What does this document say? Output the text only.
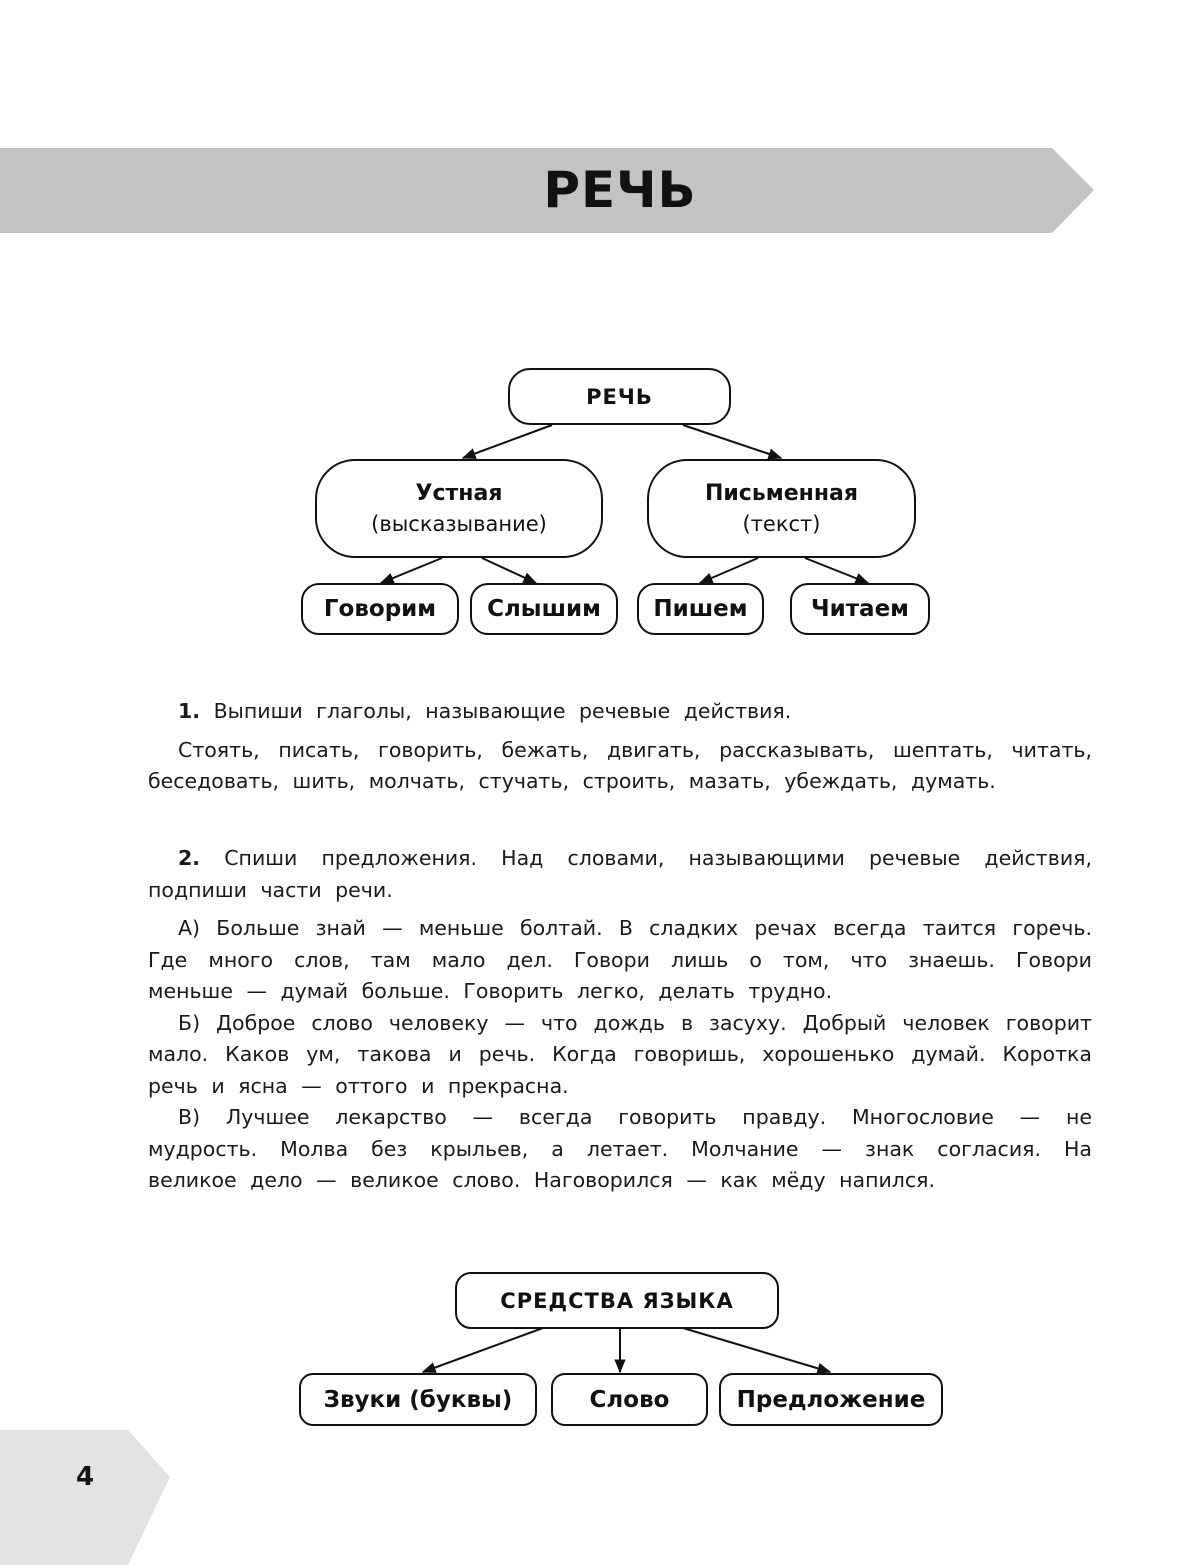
РЕЧЬ
РЕЧЬ
Устная
(высказывание)
Письменная
(текст)
Говорим Слышим Пишем	Читаем

1. Выпиши глаголы, называющие речевые действия.

Стоять, писать, говорить, бежать, двигать, рассказывать, шептать, читать, беседовать, шить, молчать, стучать, строить, мазать, убеждать, думать.

2. Спиши предложения. Над словами, называющими речевые действия, подпиши части речи.

А) Больше знай — меньше болтай. В сладких речах всегда таится горечь. Где много слов, там мало дел. Говори лишь о том, что знаешь. Говори меньше — думай больше. Говорить легко, делать трудно.

Б) Доброе слово человеку — что дождь в засуху. Добрый человек говорит мало. Каков ум, такова и речь. Когда говоришь, хорошенько думай. Коротка речь и ясна — оттого и прекрасна.

В) Лучшее лекарство — всегда говорить правду. Многословие — не мудрость. Молва без крыльев, а летает. Молчание — знак согласия. На великое дело — великое слово. Наговорился — как мёду напился.

СРЕДСТВА ЯЗЫКА
Звуки (буквы)	Слово	Предложение
4
